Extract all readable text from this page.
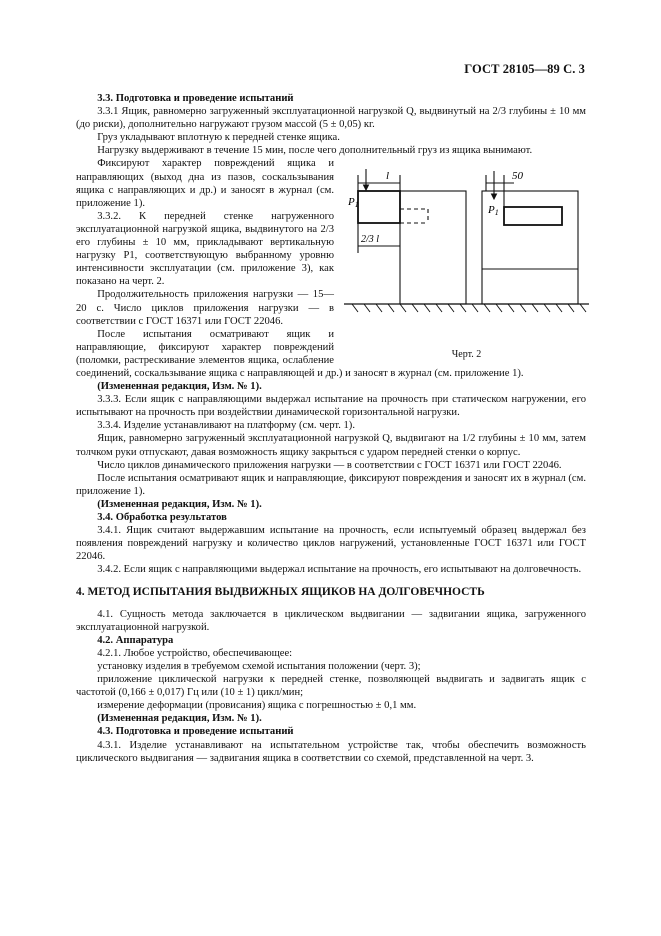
ГОСТ 28105—89 С. 3

3.3. Подготовка и проведение испытаний

3.3.1 Ящик, равномерно загруженный эксплуатационной нагрузкой Q, выдвинутый на 2/3 глубины ± 10 мм (до риски), дополнительно нагружают грузом массой (5 ± 0,05) кг.

Груз укладывают вплотную к передней стенке ящика.

Нагрузку выдерживают в течение 15 мин, после чего дополнительный груз из ящика вынимают.

P1
l
2/3 l
50
P1
Черт. 2

Фиксируют характер повреждений ящика и направляющих (выход дна из пазов, соскальзывания ящика с направляющих и др.) и заносят в журнал (см. приложение 1).

3.3.2. К передней стенке нагруженного эксплуатационной нагрузкой ящика, выдвинутого на 2/3 его глубины ± 10 мм, прикладывают вертикальную нагрузку P1, соответствующую выбранному уровню интенсивности эксплуатации (см. приложение 3), как показано на черт. 2.

Продолжительность приложения нагрузки — 15—20 с. Число циклов приложения нагрузки — в соответствии с ГОСТ 16371 или ГОСТ 22046.

После испытания осматривают ящик и направляющие, фиксируют характер повреждений (поломки, растрескивание элементов ящика, ослабление соединений, соскальзывание ящика с направляющей и др.) и заносят в журнал (см. приложение 1).

(Измененная редакция, Изм. № 1).

3.3.3. Если ящик с направляющими выдержал испытание на прочность при статическом нагружении, его испытывают на прочность при воздействии динамической горизонтальной нагрузки.

3.3.4. Изделие устанавливают на платформу (см. черт. 1).

Ящик, равномерно загруженный эксплуатационной нагрузкой Q, выдвигают на 1/2 глубины ± 10 мм, затем толчком руки отпускают, давая возможность ящику закрыться с ударом передней стенки о корпус.

Число циклов динамического приложения нагрузки — в соответствии с ГОСТ 16371 или ГОСТ 22046.

После испытания осматривают ящик и направляющие, фиксируют повреждения и заносят их в журнал (см. приложение 1).

(Измененная редакция, Изм. № 1).

3.4. Обработка результатов

3.4.1. Ящик считают выдержавшим испытание на прочность, если испытуемый образец выдержал без появления повреждений нагрузку и количество циклов нагружений, установленные ГОСТ 16371 или ГОСТ 22046.

3.4.2. Если ящик с направляющими выдержал испытание на прочность, его испытывают на долговечность.

4. МЕТОД ИСПЫТАНИЯ ВЫДВИЖНЫХ ЯЩИКОВ НА ДОЛГОВЕЧНОСТЬ

4.1. Сущность метода заключается в циклическом выдвигании — задвигании ящика, загруженного эксплуатационной нагрузкой.

4.2. Аппаратура

4.2.1. Любое устройство, обеспечивающее:

установку изделия в требуемом схемой испытания положении (черт. 3);

приложение циклической нагрузки к передней стенке, позволяющей выдвигать и задвигать ящик с частотой (0,166 ± 0,017) Гц или (10 ± 1) цикл/мин;

измерение деформации (провисания) ящика с погрешностью ± 0,1 мм.

(Измененная редакция, Изм. № 1).

4.3. Подготовка и проведение испытаний

4.3.1. Изделие устанавливают на испытательном устройстве так, чтобы обеспечить возможность циклического выдвигания — задвигания ящика в соответствии со схемой, представленной на черт. 3.
